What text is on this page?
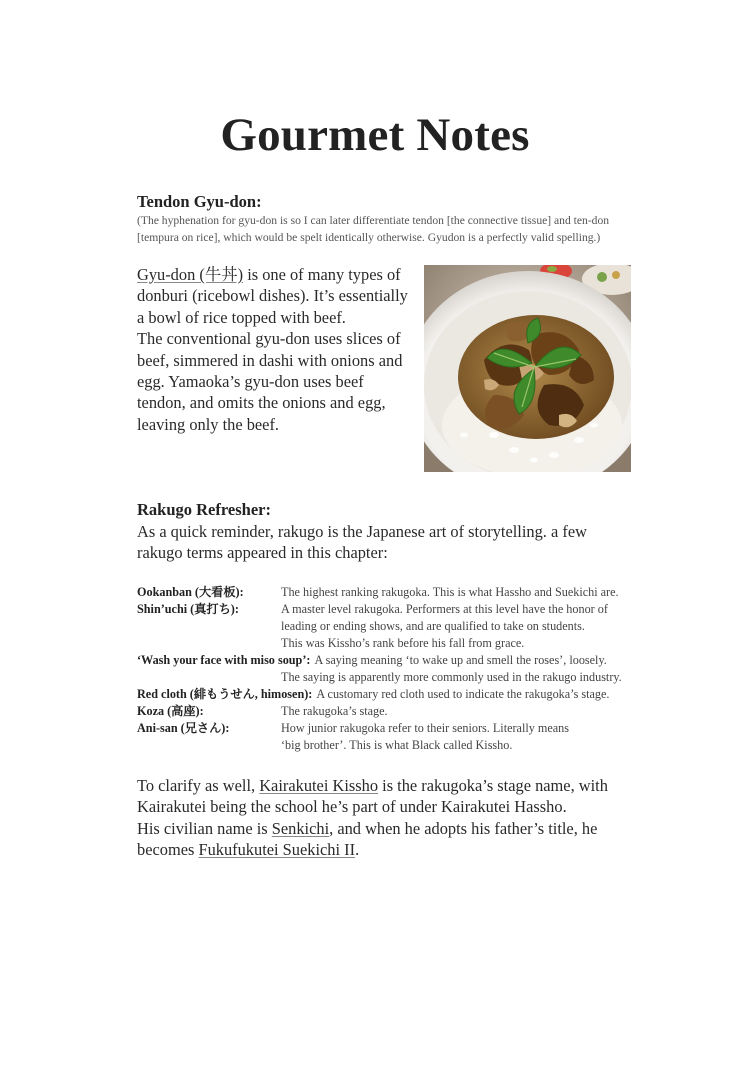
Gourmet Notes
Tendon Gyu-don:

(The hyphenation for gyu-don is so I can later differentiate tendon [the connective tissue] and ten-don [tempura on rice], which would be spelt identically otherwise. Gyudon is a perfectly valid spelling.)

Gyu-don (牛丼) is one of many types of
donburi (ricebowl dishes). It’s essentially
a bowl of rice topped with beef.
The conventional gyu-don uses slices of
beef, simmered in dashi with onions and
egg. Yamaoka’s gyu-don uses beef
tendon, and omits the onions and egg,
leaving only the beef.
Rakugo Refresher:
As a quick reminder, rakugo is the Japanese art of storytelling. a few
rakugo terms appeared in this chapter:
Ookanban (大看板):	The highest ranking rakugoka. This is what Hassho and Suekichi are.
Shin’uchi (真打ち):	A master level rakugoka. Performers at this level have the honor of
leading or ending shows, and are qualified to take on students.
This was Kissho’s rank before his fall from grace.
‘Wash your face with miso soup’: A saying meaning ‘to wake up and smell the roses’, loosely.
The saying is apparently more commonly used in the rakugo industry.
Red cloth (緋もうせん, himosen): A customary red cloth used to indicate the rakugoka’s stage.
Koza (高座):	The rakugoka’s stage.
Ani-san (兄さん):	How junior rakugoka refer to their seniors. Literally means
‘big brother’. This is what Black called Kissho.
To clarify as well, Kairakutei Kissho is the rakugoka’s stage name, with
Kairakutei being the school he’s part of under Kairakutei Hassho.
His civilian name is Senkichi, and when he adopts his father’s title, he
becomes Fukufukutei Suekichi II.
